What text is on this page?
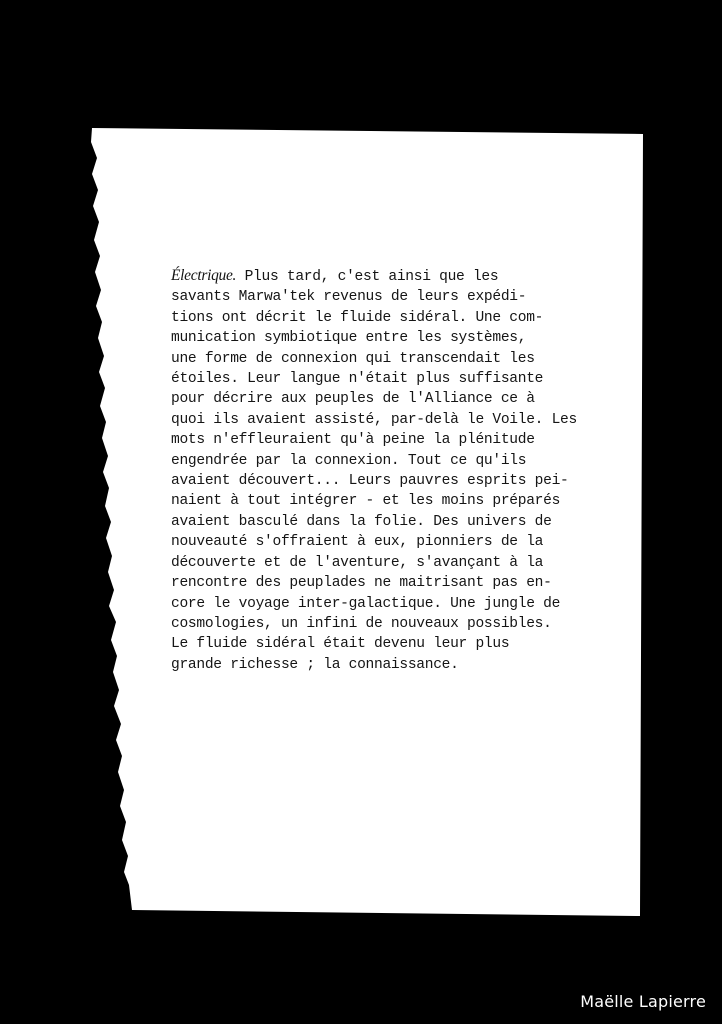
Électrique. Plus tard, c'est ainsi que les
savants Marwa'tek revenus de leurs expédi-
tions ont décrit le fluide sidéral. Une com-
munication symbiotique entre les systèmes,
une forme de connexion qui transcendait les
étoiles. Leur langue n'était plus suffisante
pour décrire aux peuples de l'Alliance ce à
quoi ils avaient assisté, par-delà le Voile. Les
mots n'effleuraient qu'à peine la plénitude
engendrée par la connexion. Tout ce qu'ils
avaient découvert... Leurs pauvres esprits pei-
naient à tout intégrer - et les moins préparés
avaient basculé dans la folie. Des univers de
nouveauté s'offraient à eux, pionniers de la
découverte et de l'aventure, s'avançant à la
rencontre des peuplades ne maitrisant pas en-
core le voyage inter-galactique. Une jungle de
cosmologies, un infini de nouveaux possibles.
Le fluide sidéral était devenu leur plus
grande richesse ; la connaissance.
Maëlle Lapierre
